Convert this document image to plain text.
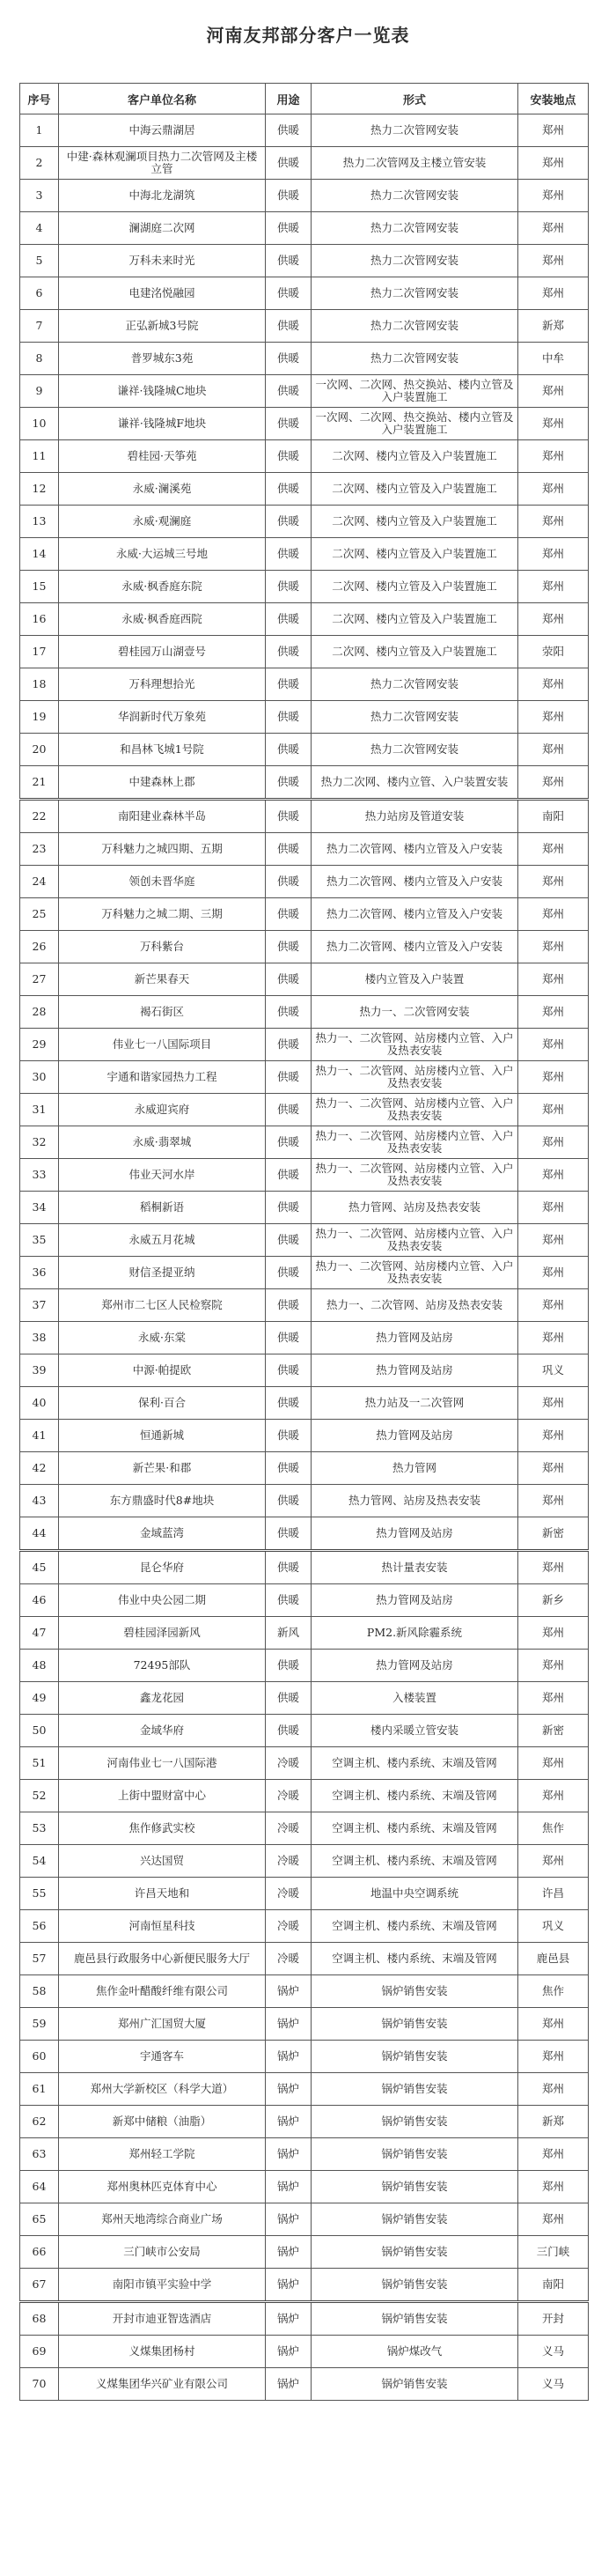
河南友邦部分客户一览表
序号	客户单位名称	用途	形式	安装地点
1	中海云鼎湖居	供暖	热力二次管网安装	郑州
2	中建·森林观澜项目热力二次管网及主楼立管	供暖	热力二次管网及主楼立管安装	郑州
3	中海北龙湖筑	供暖	热力二次管网安装	郑州
4	澜湖庭二次网	供暖	热力二次管网安装	郑州
5	万科未来时光	供暖	热力二次管网安装	郑州
6	电建洺悦融园	供暖	热力二次管网安装	郑州
7	正弘新城3号院	供暖	热力二次管网安装	新郑
8	普罗城东3苑	供暖	热力二次管网安装	中牟
9	谦祥·钱隆城C地块	供暖	一次网、二次网、热交换站、楼内立管及入户装置施工	郑州
10	谦祥·钱隆城F地块	供暖	一次网、二次网、热交换站、楼内立管及入户装置施工	郑州
11	碧桂园·天筝苑	供暖	二次网、楼内立管及入户装置施工	郑州
12	永威·澜溪苑	供暖	二次网、楼内立管及入户装置施工	郑州
13	永威·观澜庭	供暖	二次网、楼内立管及入户装置施工	郑州
14	永威·大运城三号地	供暖	二次网、楼内立管及入户装置施工	郑州
15	永威·枫香庭东院	供暖	二次网、楼内立管及入户装置施工	郑州
16	永威·枫香庭西院	供暖	二次网、楼内立管及入户装置施工	郑州
17	碧桂园万山湖壹号	供暖	二次网、楼内立管及入户装置施工	荥阳
18	万科理想拾光	供暖	热力二次管网安装	郑州
19	华润新时代万象苑	供暖	热力二次管网安装	郑州
20	和昌林飞城1号院	供暖	热力二次管网安装	郑州
21	中建森林上郡	供暖	热力二次网、楼内立管、入户装置安装	郑州
22	南阳建业森林半岛	供暖	热力站房及管道安装	南阳
23	万科魅力之城四期、五期	供暖	热力二次管网、楼内立管及入户安装	郑州
24	领创未晋华庭	供暖	热力二次管网、楼内立管及入户安装	郑州
25	万科魅力之城二期、三期	供暖	热力二次管网、楼内立管及入户安装	郑州
26	万科紫台	供暖	热力二次管网、楼内立管及入户安装	郑州
27	新芒果春天	供暖	楼内立管及入户装置	郑州
28	褐石街区	供暖	热力一、二次管网安装	郑州
29	伟业七一八国际项目	供暖	热力一、二次管网、站房楼内立管、入户及热表安装	郑州
30	宇通和谐家园热力工程	供暖	热力一、二次管网、站房楼内立管、入户及热表安装	郑州
31	永威迎宾府	供暖	热力一、二次管网、站房楼内立管、入户及热表安装	郑州
32	永威·翡翠城	供暖	热力一、二次管网、站房楼内立管、入户及热表安装	郑州
33	伟业天河水岸	供暖	热力一、二次管网、站房楼内立管、入户及热表安装	郑州
34	稻桐新语	供暖	热力管网、站房及热表安装	郑州
35	永威五月花城	供暖	热力一、二次管网、站房楼内立管、入户及热表安装	郑州
36	财信圣提亚纳	供暖	热力一、二次管网、站房楼内立管、入户及热表安装	郑州
37	郑州市二七区人民检察院	供暖	热力一、二次管网、站房及热表安装	郑州
38	永威·东棠	供暖	热力管网及站房	郑州
39	中源·帕提欧	供暖	热力管网及站房	巩义
40	保利·百合	供暖	热力站及一二次管网	郑州
41	恒通新城	供暖	热力管网及站房	郑州
42	新芒果·和郡	供暖	热力管网	郑州
43	东方鼎盛时代8#地块	供暖	热力管网、站房及热表安装	郑州
44	金域蓝湾	供暖	热力管网及站房	新密
45	昆仑华府	供暖	热计量表安装	郑州
46	伟业中央公园二期	供暖	热力管网及站房	新乡
47	碧桂园泽园新风	新风	PM2.新风除霾系统	郑州
48	72495部队	供暖	热力管网及站房	郑州
49	鑫龙花园	供暖	入楼装置	郑州
50	金域华府	供暖	楼内采暖立管安装	新密
51	河南伟业七一八国际港	冷暖	空调主机、楼内系统、末端及管网	郑州
52	上街中盟财富中心	冷暖	空调主机、楼内系统、末端及管网	郑州
53	焦作修武实校	冷暖	空调主机、楼内系统、末端及管网	焦作
54	兴达国贸	冷暖	空调主机、楼内系统、末端及管网	郑州
55	许昌天地和	冷暖	地温中央空调系统	许昌
56	河南恒星科技	冷暖	空调主机、楼内系统、末端及管网	巩义
57	鹿邑县行政服务中心新便民服务大厅	冷暖	空调主机、楼内系统、末端及管网	鹿邑县
58	焦作金叶醋酸纤维有限公司	锅炉	锅炉销售安装	焦作
59	郑州广汇国贸大厦	锅炉	锅炉销售安装	郑州
60	宇通客车	锅炉	锅炉销售安装	郑州
61	郑州大学新校区（科学大道）	锅炉	锅炉销售安装	郑州
62	新郑中储粮（油脂）	锅炉	锅炉销售安装	新郑
63	郑州轻工学院	锅炉	锅炉销售安装	郑州
64	郑州奥林匹克体育中心	锅炉	锅炉销售安装	郑州
65	郑州天地湾综合商业广场	锅炉	锅炉销售安装	郑州
66	三门峡市公安局	锅炉	锅炉销售安装	三门峡
67	南阳市镇平实验中学	锅炉	锅炉销售安装	南阳
68	开封市迪亚智选酒店	锅炉	锅炉销售安装	开封
69	义煤集团杨村	锅炉	锅炉煤改气	义马
70	义煤集团华兴矿业有限公司	锅炉	锅炉销售安装	义马
